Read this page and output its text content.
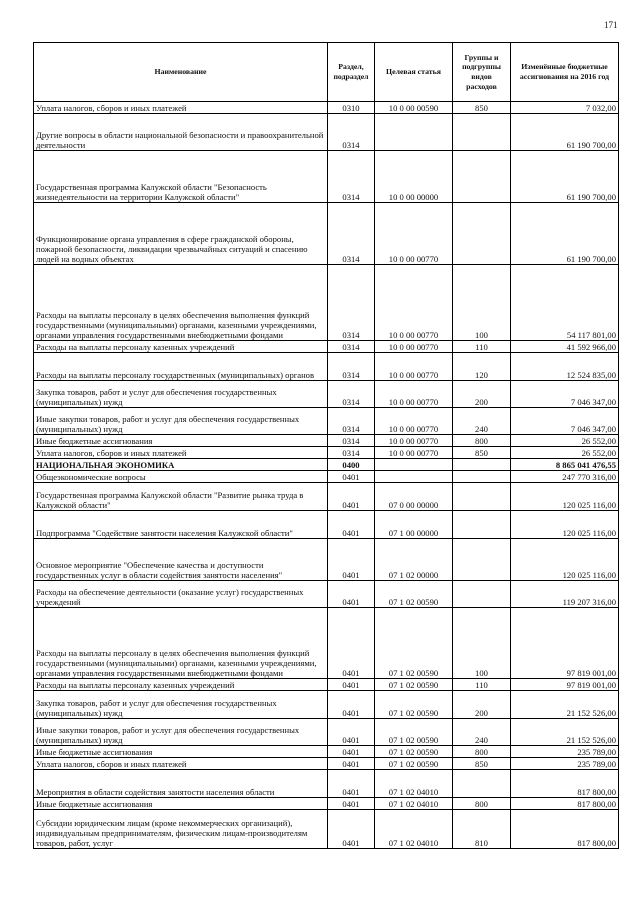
171
Наименование	Раздел, подраздел	Целевая статья	Группы и подгруппы видов расходов	Изменённые бюджетные ассигнования на 2016 год
Уплата налогов, сборов и иных платежей	0310	10 0 00 00590	850	7 032,00
Другие вопросы в области национальной безопасности и правоохранительной деятельности	0314			61 190 700,00
Государственная программа Калужской области "Безопасность жизнедеятельности на территории Калужской области"	0314	10 0 00 00000		61 190 700,00
Функционирование органа управления в сфере гражданской обороны, пожарной безопасности, ликвидации чрезвычайных ситуаций и спасению людей на водных объектах	0314	10 0 00 00770		61 190 700,00
Расходы на выплаты персоналу в целях обеспечения выполнения функций государственными (муниципальными) органами, казенными учреждениями, органами управления государственными внебюджетными фондами	0314	10 0 00 00770	100	54 117 801,00
Расходы на выплаты персоналу казенных учреждений	0314	10 0 00 00770	110	41 592 966,00
Расходы на выплаты персоналу государственных (муниципальных) органов	0314	10 0 00 00770	120	12 524 835,00
Закупка товаров, работ и услуг для обеспечения государственных (муниципальных) нужд	0314	10 0 00 00770	200	7 046 347,00
Иные закупки товаров, работ и услуг для обеспечения государственных (муниципальных) нужд	0314	10 0 00 00770	240	7 046 347,00
Иные бюджетные ассигнования	0314	10 0 00 00770	800	26 552,00
Уплата налогов, сборов и иных платежей	0314	10 0 00 00770	850	26 552,00
НАЦИОНАЛЬНАЯ ЭКОНОМИКА	0400			8 865 041 476,55
Общеэкономические вопросы	0401			247 770 316,00
Государственная программа Калужской области "Развитие рынка труда в Калужской области"	0401	07 0 00 00000		120 025 116,00
Подпрограмма "Содействие занятости населения Калужской области"	0401	07 1 00 00000		120 025 116,00
Основное мероприятие "Обеспечение качества и доступности государственных услуг в области содействия занятости населения"	0401	07 1 02 00000		120 025 116,00
Расходы на обеспечение деятельности (оказание услуг) государственных учреждений	0401	07 1 02 00590		119 207 316,00
Расходы на выплаты персоналу в целях обеспечения выполнения функций государственными (муниципальными) органами, казенными учреждениями, органами управления государственными внебюджетными фондами	0401	07 1 02 00590	100	97 819 001,00
Расходы на выплаты персоналу казенных учреждений	0401	07 1 02 00590	110	97 819 001,00
Закупка товаров, работ и услуг для обеспечения государственных (муниципальных) нужд	0401	07 1 02 00590	200	21 152 526,00
Иные закупки товаров, работ и услуг для обеспечения государственных (муниципальных) нужд	0401	07 1 02 00590	240	21 152 526,00
Иные бюджетные ассигнования	0401	07 1 02 00590	800	235 789,00
Уплата налогов, сборов и иных платежей	0401	07 1 02 00590	850	235 789,00
Мероприятия в области содействия занятости населения области	0401	07 1 02 04010		817 800,00
Иные бюджетные ассигнования	0401	07 1 02 04010	800	817 800,00
Субсидии юридическим лицам (кроме некоммерческих организаций), индивидуальным предпринимателям, физическим лицам-производителям товаров, работ, услуг	0401	07 1 02 04010	810	817 800,00
